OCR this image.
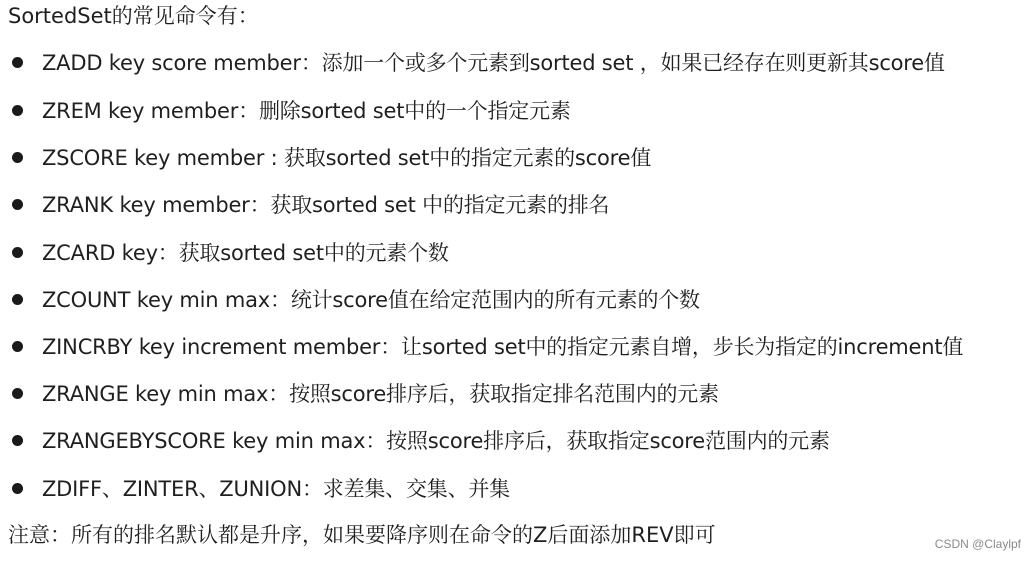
SortedSet的常见命令有：
ZADD key score member：添加一个或多个元素到sorted set ，如果已经存在则更新其score值
ZREM key member：删除sorted set中的一个指定元素
ZSCORE key member : 获取sorted set中的指定元素的score值
ZRANK key member：获取sorted set 中的指定元素的排名
ZCARD key：获取sorted set中的元素个数
ZCOUNT key min max：统计score值在给定范围内的所有元素的个数
ZINCRBY key increment member：让sorted set中的指定元素自增，步长为指定的increment值
ZRANGE key min max：按照score排序后，获取指定排名范围内的元素
ZRANGEBYSCORE key min max：按照score排序后，获取指定score范围内的元素
ZDIFF、ZINTER、ZUNION：求差集、交集、并集
注意：所有的排名默认都是升序，如果要降序则在命令的Z后面添加REV即可	CSDN @Claylpf
